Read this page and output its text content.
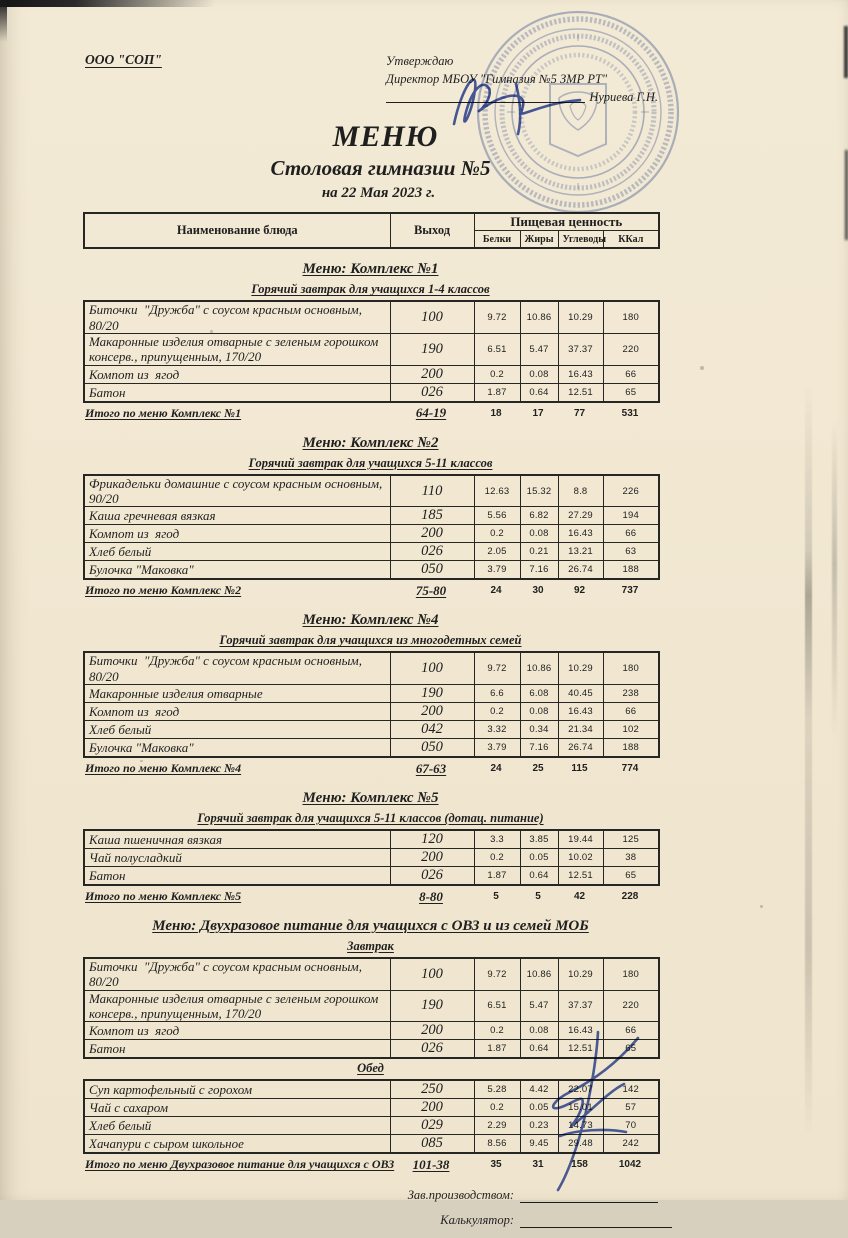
ООО "СОП"	Утверждаю
Директор МБОУ "Гимназия №5 ЗМР РТ"
Нуриева Г.Н.
МЕНЮ
Столовая гимназии №5
на 22 Мая 2023 г.
Наименование блюда	Выход	Пищевая ценность			
		Белки	Жиры	Углеводы	ККал
Меню: Комплекс №1
Горячий завтрак для учащихся 1-4 классов
Биточки  "Дружба" с соусом красным основным, 80/20	100	9.72	10.86	10.29	180
Макаронные изделия отварные с зеленым горошком консерв., припущенным, 170/20	190	6.51	5.47	37.37	220
Компот из  ягод	200	0.2	0.08	16.43	66
Батон	026	1.87	0.64	12.51	65
Итого по меню Комплекс №1	64-19	18	17	77	531
Меню: Комплекс №2
Горячий завтрак для учащихся 5-11 классов
Фрикадельки домашние с соусом красным основным, 90/20	110	12.63	15.32	8.8	226
Каша гречневая вязкая	185	5.56	6.82	27.29	194
Компот из  ягод	200	0.2	0.08	16.43	66
Хлеб белый	026	2.05	0.21	13.21	63
Булочка "Маковка"	050	3.79	7.16	26.74	188
Итого по меню Комплекс №2	75-80	24	30	92	737
Меню: Комплекс №4
Горячий завтрак для учащихся из многодетных семей
Биточки  "Дружба" с соусом красным основным, 80/20	100	9.72	10.86	10.29	180
Макаронные изделия отварные	190	6.6	6.08	40.45	238
Компот из  ягод	200	0.2	0.08	16.43	66
Хлеб белый	042	3.32	0.34	21.34	102
Булочка "Маковка"	050	3.79	7.16	26.74	188
Итого по меню Комплекс №4	67-63	24	25	115	774
Меню: Комплекс №5
Горячий завтрак для учащихся 5-11 классов (дотац. питание)
Каша пшеничная вязкая	120	3.3	3.85	19.44	125
Чай полусладкий	200	0.2	0.05	10.02	38
Батон	026	1.87	0.64	12.51	65
Итого по меню Комплекс №5	8-80	5	5	42	228
Меню: Двухразовое питание для учащихся с ОВЗ и из семей МОБ
Завтрак
Биточки  "Дружба" с соусом красным основным, 80/20	100	9.72	10.86	10.29	180
Макаронные изделия отварные с зеленым горошком консерв., припущенным, 170/20	190	6.51	5.47	37.37	220
Компот из  ягод	200	0.2	0.08	16.43	66
Батон	026	1.87	0.64	12.51	65
Обед
Суп картофельный с горохом	250	5.28	4.42	22.07	142
Чай с сахаром	200	0.2	0.05	15.01	57
Хлеб белый	029	2.29	0.23	14.73	70
Хачапури с сыром школьное	085	8.56	9.45	29.48	242
Итого по меню Двухразовое питание для учащихся с ОВЗ	101-38	35	31	158	1042
Зав.производством:
Калькулятор:
